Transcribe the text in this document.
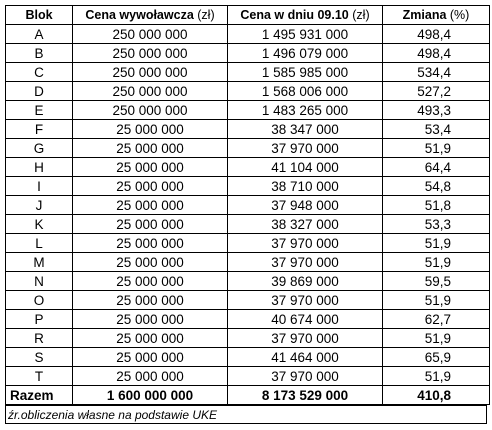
Blok	Cena wywoławcza (zł)	Cena w dniu 09.10 (zł)	Zmiana (%)
A	250 000 000	1 495 931 000	498,4
B	250 000 000	1 496 079 000	498,4
C	250 000 000	1 585 985 000	534,4
D	250 000 000	1 568 006 000	527,2
E	250 000 000	1 483 265 000	493,3
F	25 000 000	38 347 000	53,4
G	25 000 000	37 970 000	51,9
H	25 000 000	41 104 000	64,4
I	25 000 000	38 710 000	54,8
J	25 000 000	37 948 000	51,8
K	25 000 000	38 327 000	53,3
L	25 000 000	37 970 000	51,9
M	25 000 000	37 970 000	51,9
N	25 000 000	39 869 000	59,5
O	25 000 000	37 970 000	51,9
P	25 000 000	40 674 000	62,7
R	25 000 000	37 970 000	51,9
S	25 000 000	41 464 000	65,9
T	25 000 000	37 970 000	51,9
Razem	1 600 000 000	8 173 529 000	410,8
źr.obliczenia własne na podstawie UKE
